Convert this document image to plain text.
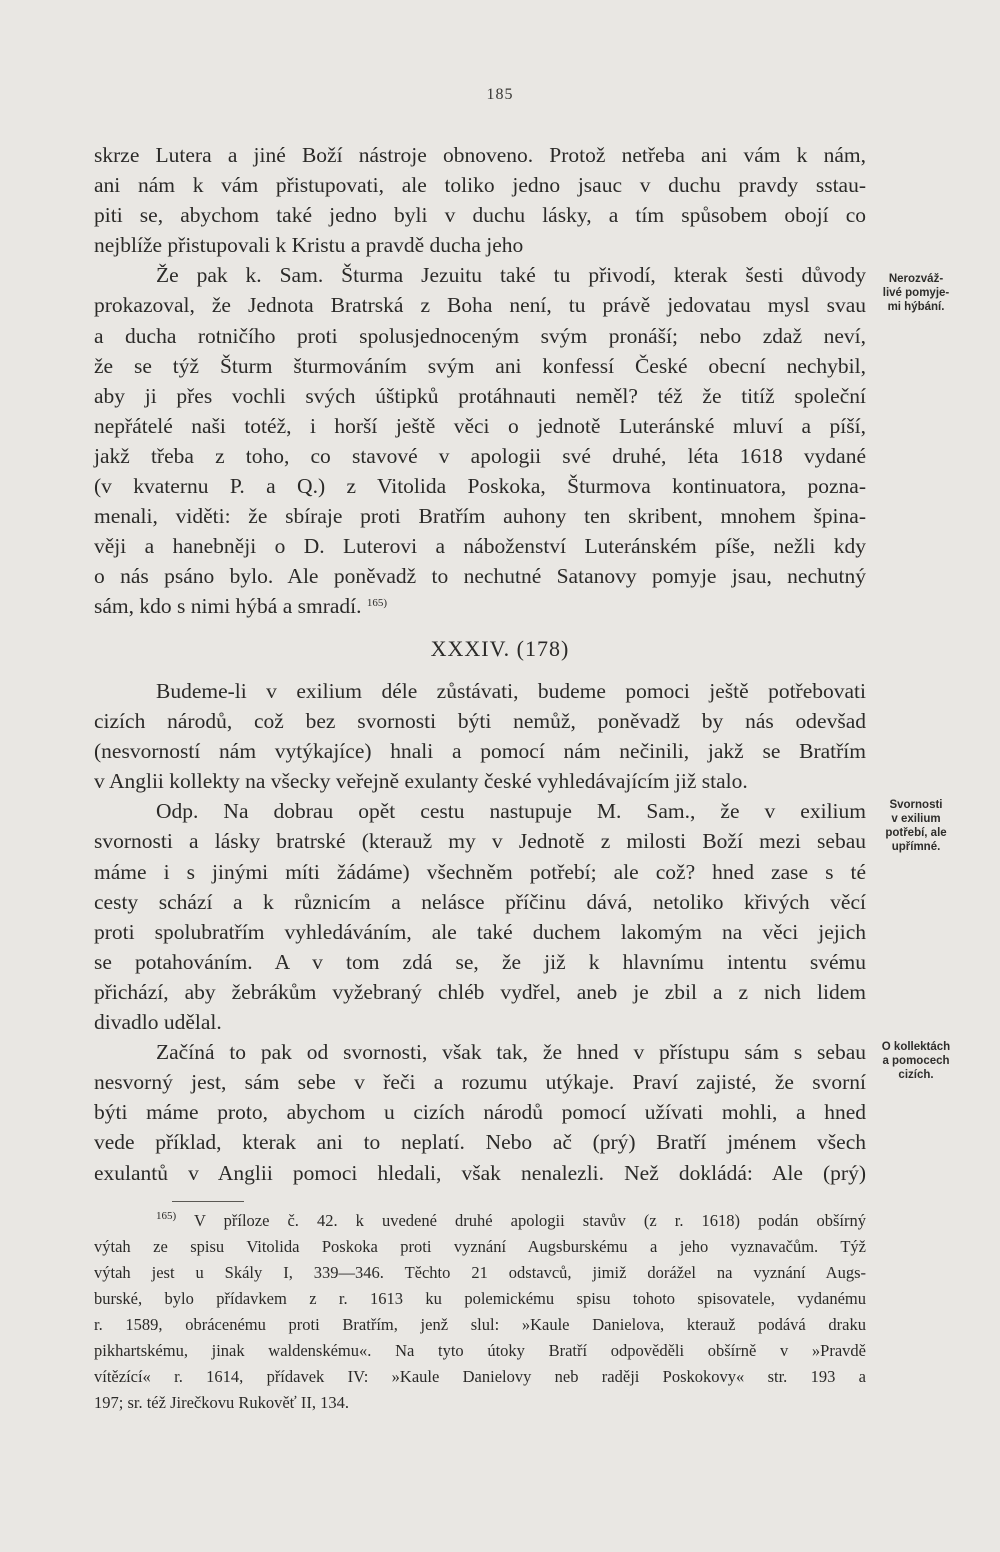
185
skrze Lutera a jiné Boží nástroje obnoveno. Protož netřeba ani vám k nám,
ani nám k vám přistupovati, ale toliko jedno jsauc v duchu pravdy sstau-
piti se, abychom také jedno byli v duchu lásky, a tím spůsobem obojí co
nejblíže přistupovali k Kristu a pravdě ducha jeho
Že pak k. Sam. Šturma Jezuitu také tu přivodí, kterak šesti důvody
prokazoval, že Jednota Bratrská z Boha není, tu právě jedovatau mysl svau
a ducha rotničího proti spolusjednoceným svým pronáší; nebo zdaž neví,
že se týž Šturm šturmováním svým ani konfessí České obecní nechybil,
aby ji přes vochli svých úštipků protáhnauti neměl? též že titíž společní
nepřátelé naši totéž, i horší ještě věci o jednotě Luteránské mluví a píší,
jakž třeba z toho, co stavové v apologii své druhé, léta 1618 vydané
(v kvaternu P. a Q.) z Vitolida Poskoka, Šturmova kontinuatora, pozna-
menali, viděti: že sbíraje proti Bratřím auhony ten skribent, mnohem špina-
věji a hanebněji o D. Luterovi a náboženství Luteránském píše, nežli kdy
o nás psáno bylo. Ale poněvadž to nechutné Satanovy pomyje jsau, nechutný
sám, kdo s nimi hýbá a smradí. $^{165)}$
XXXIV. (178)
Budeme-li v exilium déle zůstávati, budeme pomoci ještě potřebovati
cizích národů, což bez svornosti býti nemůž, poněvadž by nás odevšad
(nesvorností nám vytýkajíce) hnali a pomocí nám nečinili, jakž se Bratřím
v Anglii kollekty na všecky veřejně exulanty české vyhledávajícím již stalo.
Odp. Na dobrau opět cestu nastupuje M. Sam., že v exilium
svornosti a lásky bratrské (kterauž my v Jednotě z milosti Boží mezi sebau
máme i s jinými míti žádáme) všechněm potřebí; ale což? hned zase s té
cesty schází a k různicím a nelásce příčinu dává, netoliko křivých věcí
proti spolubratřím vyhledáváním, ale také duchem lakomým na věci jejich
se potahováním. A v tom zdá se, že již k hlavnímu intentu svému
přichází, aby žebrákům vyžebraný chléb vydřel, aneb je zbil a z nich lidem
divadlo udělal.
Začíná to pak od svornosti, však tak, že hned v přístupu sám s sebau
nesvorný jest, sám sebe v řeči a rozumu utýkaje. Praví zajisté, že svorní
býti máme proto, abychom u cizích národů pomocí užívati mohli, a hned
vede příklad, kterak ani to neplatí. Nebo ač (prý) Bratří jménem všech
exulantů v Anglii pomoci hledali, však nenalezli. Než dokládá: Ale (prý)
Nerozváž-
livé pomyje-
mi hýbání.
Svornosti
v exilium
potřebí, ale
upřímné.
O kollektách
a pomocech
cizích.
$^{165)}$ V příloze č. 42. k uvedené druhé apologii stavův (z r. 1618) podán obšírný
výtah ze spisu Vitolida Poskoka proti vyznání Augsburskému a jeho vyznavačům. Týž
výtah jest u Skály I, 339—346. Těchto 21 odstavců, jimiž dorážel na vyznání Augs-
burské, bylo přídavkem z r. 1613 ku polemickému spisu tohoto spisovatele, vydanému
r. 1589, obrácenému proti Bratřím, jenž slul: »Kaule Danielova, kterauž podává draku
pikhartskému, jinak waldenskému«. Na tyto útoky Bratří odpověděli obšírně v »Pravdě
vítězící« r. 1614, přídavek IV: »Kaule Danielovy neb raději Poskokovy« str. 193 a
197; sr. též Jirečkovu Rukověť II, 134.
